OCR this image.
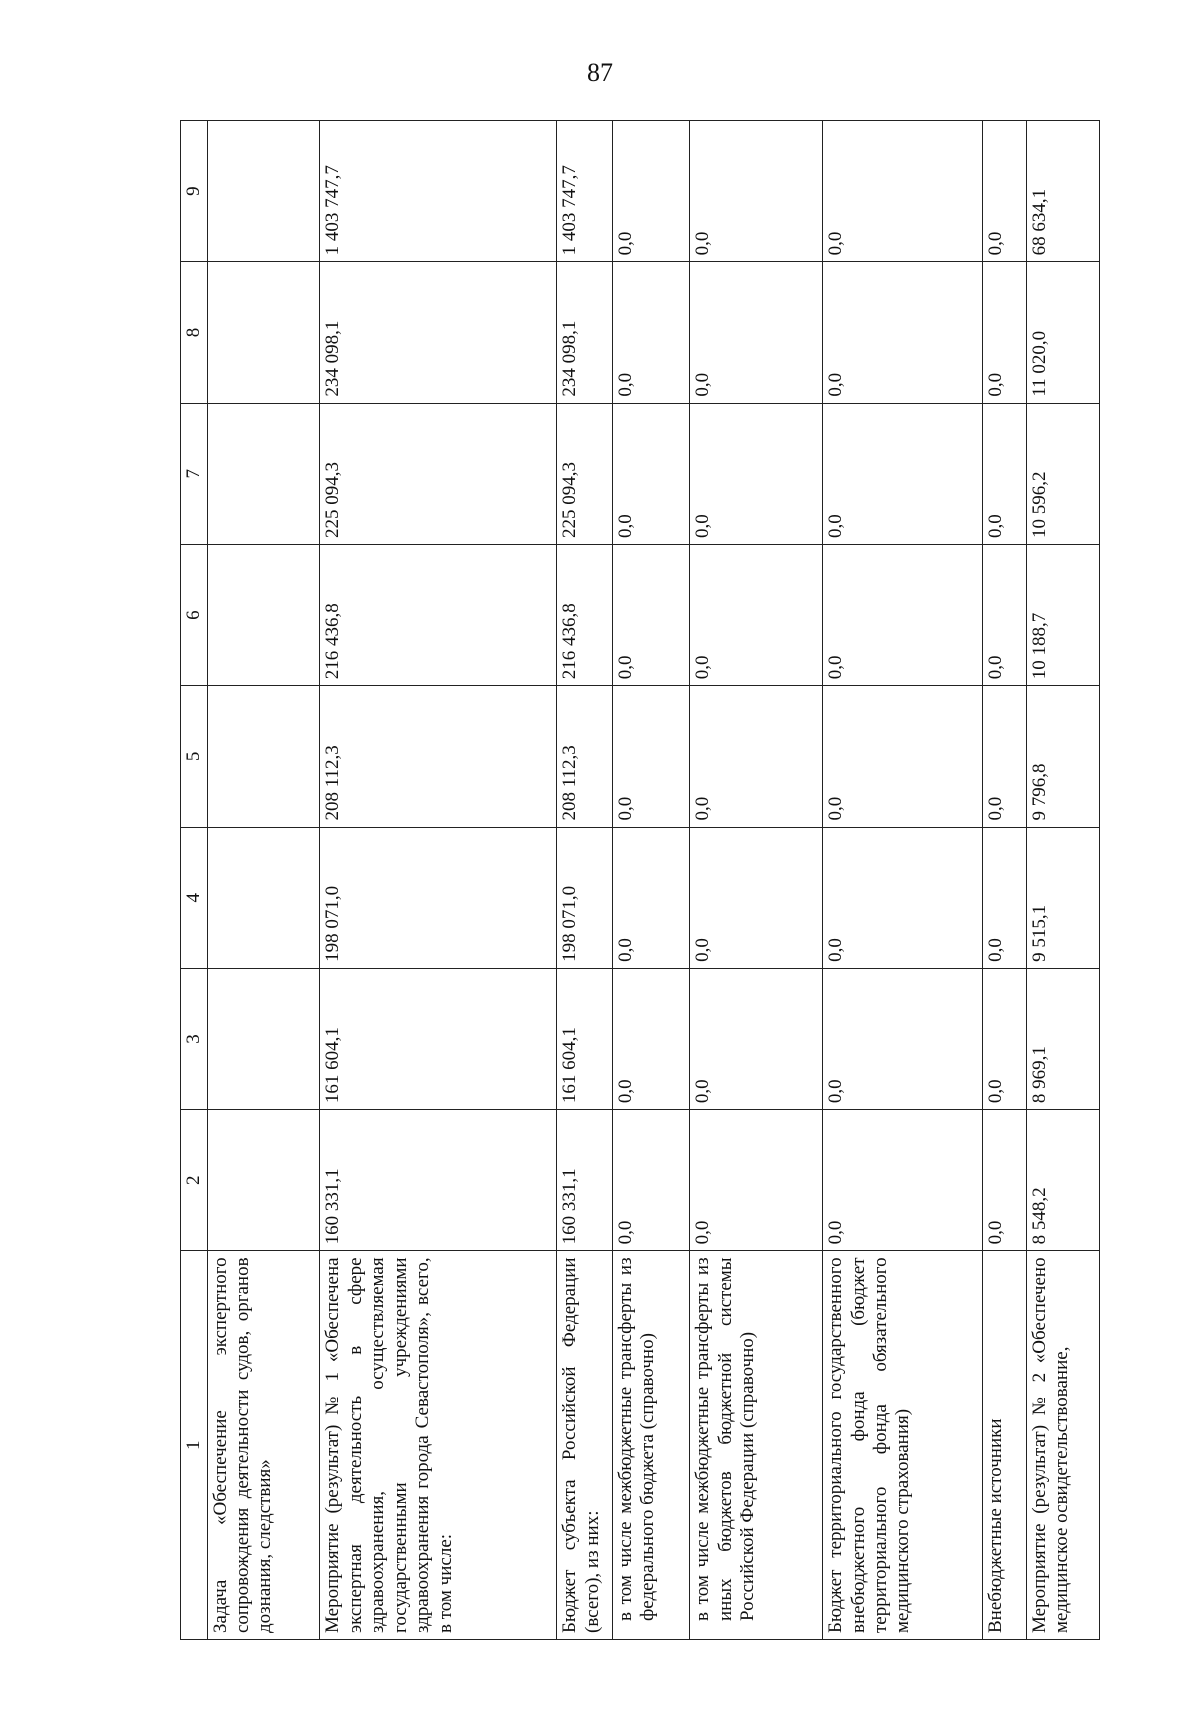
87
1	2	3	4	5	6	7	8	9
Задача «Обеспечение экспертного сопровождения деятельности судов, органов дознания, следствия»								
Мероприятие (результат) № 1 «Обеспечена экспертная деятельность в сфере здравоохранения, осуществляемая государственными учреждениями здравоохранения города Севастополя», всего, в том числе:	160 331,1	161 604,1	198 071,0	208 112,3	216 436,8	225 094,3	234 098,1	1 403 747,7
Бюджет субъекта Российской Федерации (всего), из них:	160 331,1	161 604,1	198 071,0	208 112,3	216 436,8	225 094,3	234 098,1	1 403 747,7
в том числе межбюджетные трансферты из федерального бюджета (справочно)	0,0	0,0	0,0	0,0	0,0	0,0	0,0	0,0
в том числе межбюджетные трансферты из иных бюджетов бюджетной системы Российской Федерации (справочно)	0,0	0,0	0,0	0,0	0,0	0,0	0,0	0,0
Бюджет территориального государственного внебюджетного фонда (бюджет территориального фонда обязательного медицинского страхования)	0,0	0,0	0,0	0,0	0,0	0,0	0,0	0,0
Внебюджетные источники	0,0	0,0	0,0	0,0	0,0	0,0	0,0	0,0
Мероприятие (результат) № 2 «Обеспечено медицинское освидетельствование,	8 548,2	8 969,1	9 515,1	9 796,8	10 188,7	10 596,2	11 020,0	68 634,1
